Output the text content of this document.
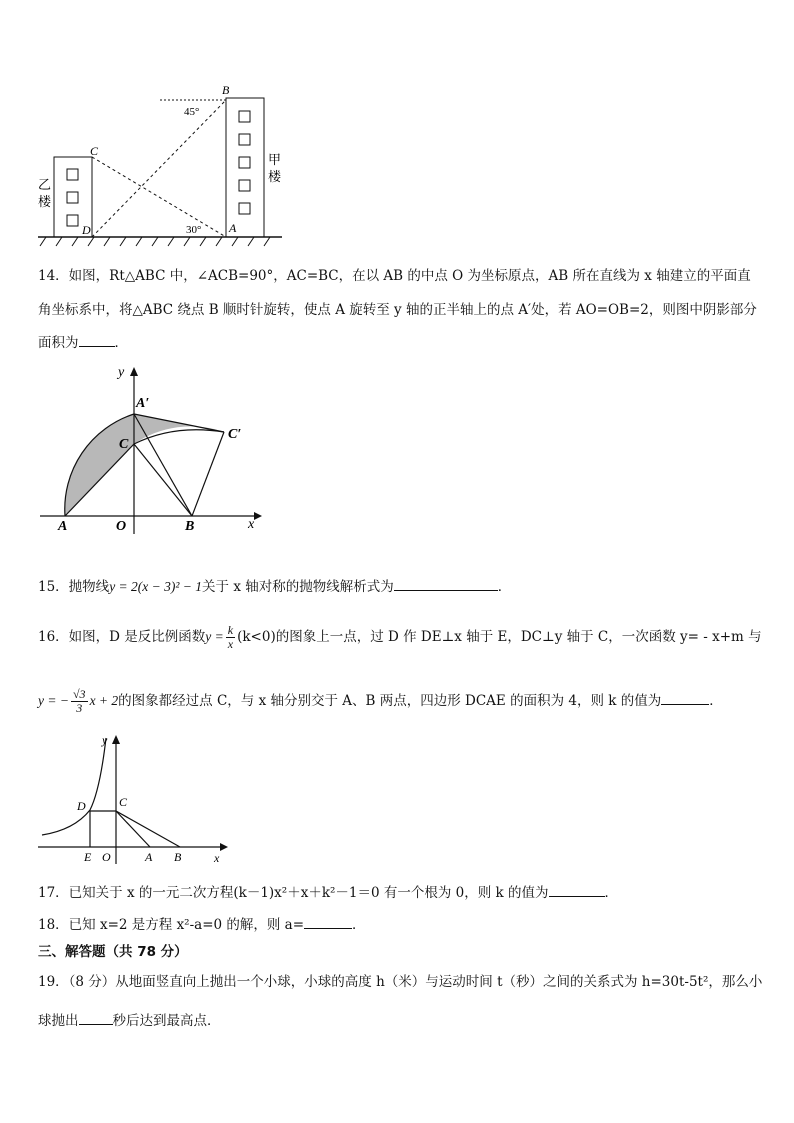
B
45°
C
D	30° A
甲
楼
乙
楼
14．如图，Rt△ABC 中，∠ACB=90°，AC=BC，在以 AB 的中点 O 为坐标原点，AB 所在直线为 x 轴建立的平面直
角坐标系中，将△ABC 绕点 B 顺时针旋转，使点 A 旋转至 y 轴的正半轴上的点 A′处，若 AO=OB=2，则图中阴影部分
面积为	．
y
x
A′
C
C′
A	O	B
15．抛物线y = 2(x − 3)² − 1关于 x 轴对称的抛物线解析式为	．
16．如图，D 是反比例函数$y = \frac{k}{x} (k<0)$的图象上一点，过 D 作 DE⊥x 轴于 E，DC⊥y 轴于 C，一次函数 y= - x+m 与
y = − $\frac{√3}{3}$ x + 2的图象都经过点 C，与 x 轴分别交于 A、B 两点，四边形 DCAE 的面积为 4，则 k 的值为	．
y
x
D	C
E O	A B
17．已知关于 x 的一元二次方程(k－1)x²＋x＋k²－1＝0 有一个根为 0，则 k 的值为	．
18．已知 x=2 是方程 x²-a=0 的解，则 a=	．
三、解答题（共 78 分）
19．（8 分）从地面竖直向上抛出一个小球，小球的高度 h（米）与运动时间 t（秒）之间的关系式为 h=30t-5t²，那么小
球抛出	秒后达到最高点．
